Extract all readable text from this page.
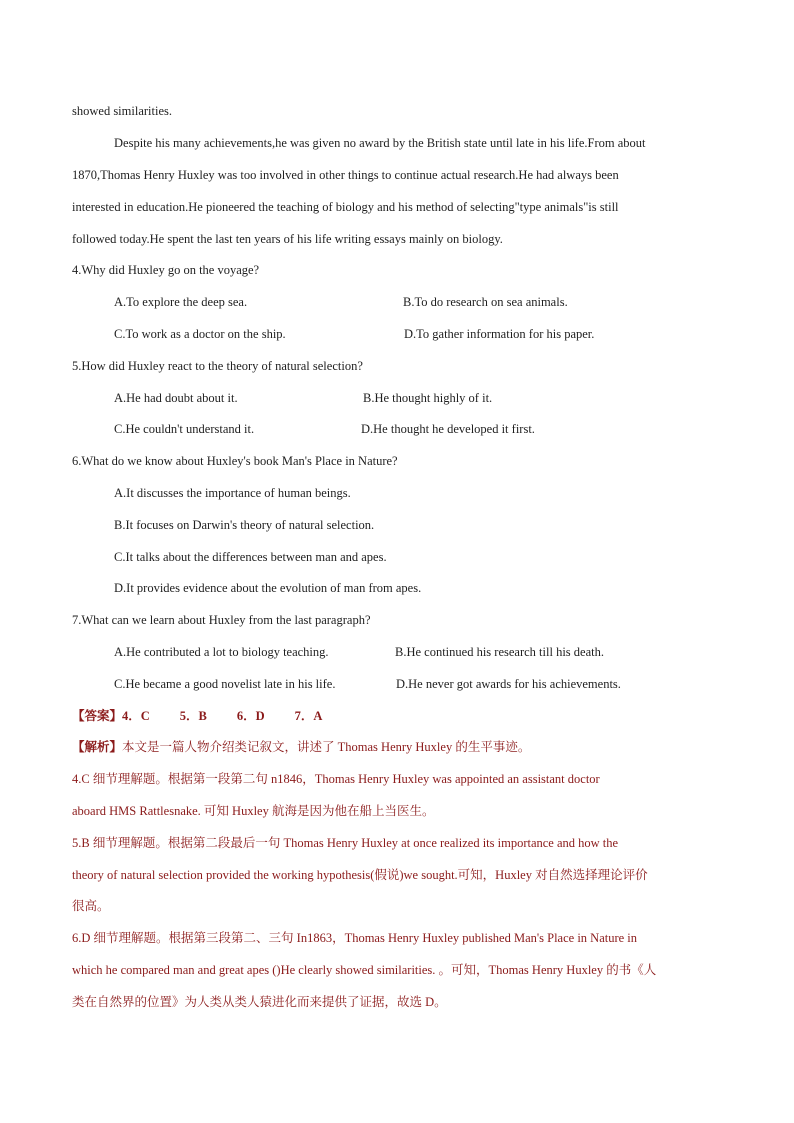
showed similarities.
Despite his many achievements,he was given no award by the British state until late in his life.From about
1870,Thomas Henry Huxley was too involved in other things to continue actual research.He had always been
interested in education.He pioneered the teaching of biology and his method of selecting"type animals"is still
followed today.He spent the last ten years of his life writing essays mainly on biology.
4.Why did Huxley go on the voyage?
A.To explore the deep sea.	B.To do research on sea animals.
C.To work as a doctor on the ship.	D.To gather information for his paper.
5.How did Huxley react to the theory of natural selection?
A.He had doubt about it.	B.He thought highly of it.
C.He couldn't understand it.	D.He thought he developed it first.
6.What do we know about Huxley's book Man's Place in Nature?
A.It discusses the importance of human beings.
B.It focuses on Darwin's theory of natural selection.
C.It talks about the differences between man and apes.
D.It provides evidence about the evolution of man from apes.
7.What can we learn about Huxley from the last paragraph?
A.He contributed a lot to biology teaching.	B.He continued his research till his death.
C.He became a good novelist late in his life.	D.He never got awards for his achievements.
【答案】4．C 5．B 6．D 7．A
【解析】本文是一篇人物介绍类记叙文，讲述了 Thomas Henry Huxley 的生平事迹。
4.C 细节理解题。根据第一段第二句 n1846，Thomas Henry Huxley was appointed an assistant doctor
aboard HMS Rattlesnake. 可知 Huxley 航海是因为他在船上当医生。
5.B 细节理解题。根据第二段最后一句 Thomas Henry Huxley at once realized its importance and how the
theory of natural selection provided the working hypothesis(假说)we sought.可知，Huxley 对自然选择理论评价
很高。
6.D 细节理解题。根据第三段第二、三句 In1863，Thomas Henry Huxley published Man's Place in Nature in
which he compared man and great apes ()He clearly showed similarities. 。可知，Thomas Henry Huxley 的书《人
类在自然界的位置》为人类从类人猿进化而来提供了证据，故选 D。
